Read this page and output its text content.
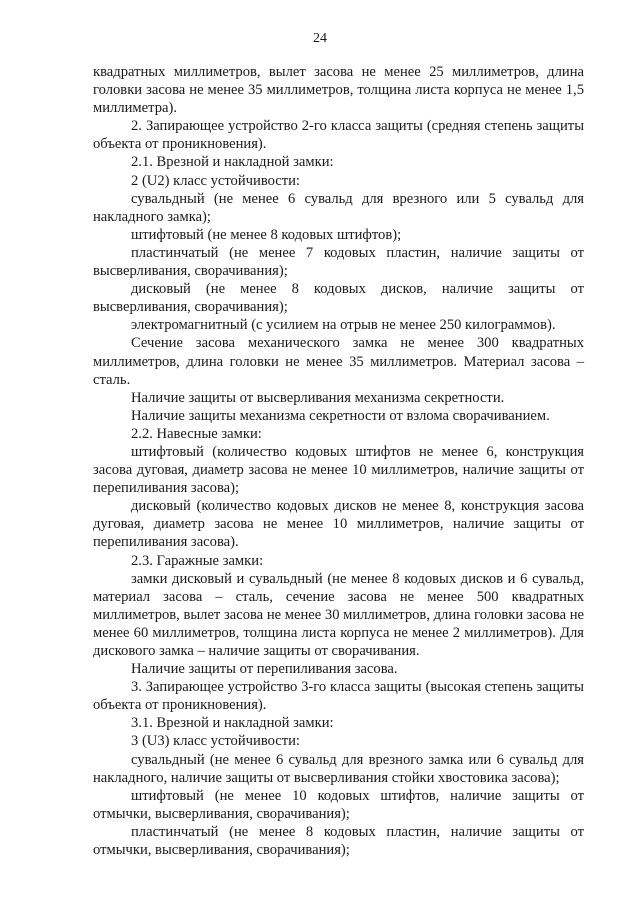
24

квадратных миллиметров, вылет засова не менее 25 миллиметров, длина головки засова не менее 35 миллиметров, толщина листа корпуса не менее 1,5 миллиметра).

2. Запирающее устройство 2-го класса защиты (средняя степень защиты объекта от проникновения).

2.1. Врезной и накладной замки:

2 (U2) класс устойчивости:

сувальдный (не менее 6 сувальд для врезного или 5 сувальд для накладного замка);

штифтовый (не менее 8 кодовых штифтов);

пластинчатый (не менее 7 кодовых пластин, наличие защиты от высверливания, сворачивания);

дисковый (не менее 8 кодовых дисков, наличие защиты от высверливания, сворачивания);

электромагнитный (с усилием на отрыв не менее 250 килограммов).

Сечение засова механического замка не менее 300 квадратных миллиметров, длина головки не менее 35 миллиметров. Материал засова – сталь.

Наличие защиты от высверливания механизма секретности.

Наличие защиты механизма секретности от взлома сворачиванием.

2.2. Навесные замки:

штифтовый (количество кодовых штифтов не менее 6, конструкция засова дуговая, диаметр засова не менее 10 миллиметров, наличие защиты от перепиливания засова);

дисковый (количество кодовых дисков не менее 8, конструкция засова дуговая, диаметр засова не менее 10 миллиметров, наличие защиты от перепиливания засова).

2.3. Гаражные замки:

замки дисковый и сувальдный (не менее 8 кодовых дисков и 6 сувальд, материал засова – сталь, сечение засова не менее 500 квадратных миллиметров, вылет засова не менее 30 миллиметров, длина головки засова не менее 60 миллиметров, толщина листа корпуса не менее 2 миллиметров). Для дискового замка – наличие защиты от сворачивания.

Наличие защиты от перепиливания засова.

3. Запирающее устройство 3-го класса защиты (высокая степень защиты объекта от проникновения).

3.1. Врезной и накладной замки:

3 (U3) класс устойчивости:

сувальдный (не менее 6 сувальд для врезного замка или 6 сувальд для накладного, наличие защиты от высверливания стойки хвостовика засова);

штифтовый (не менее 10 кодовых штифтов, наличие защиты от отмычки, высверливания, сворачивания);

пластинчатый (не менее 8 кодовых пластин, наличие защиты от отмычки, высверливания, сворачивания);
